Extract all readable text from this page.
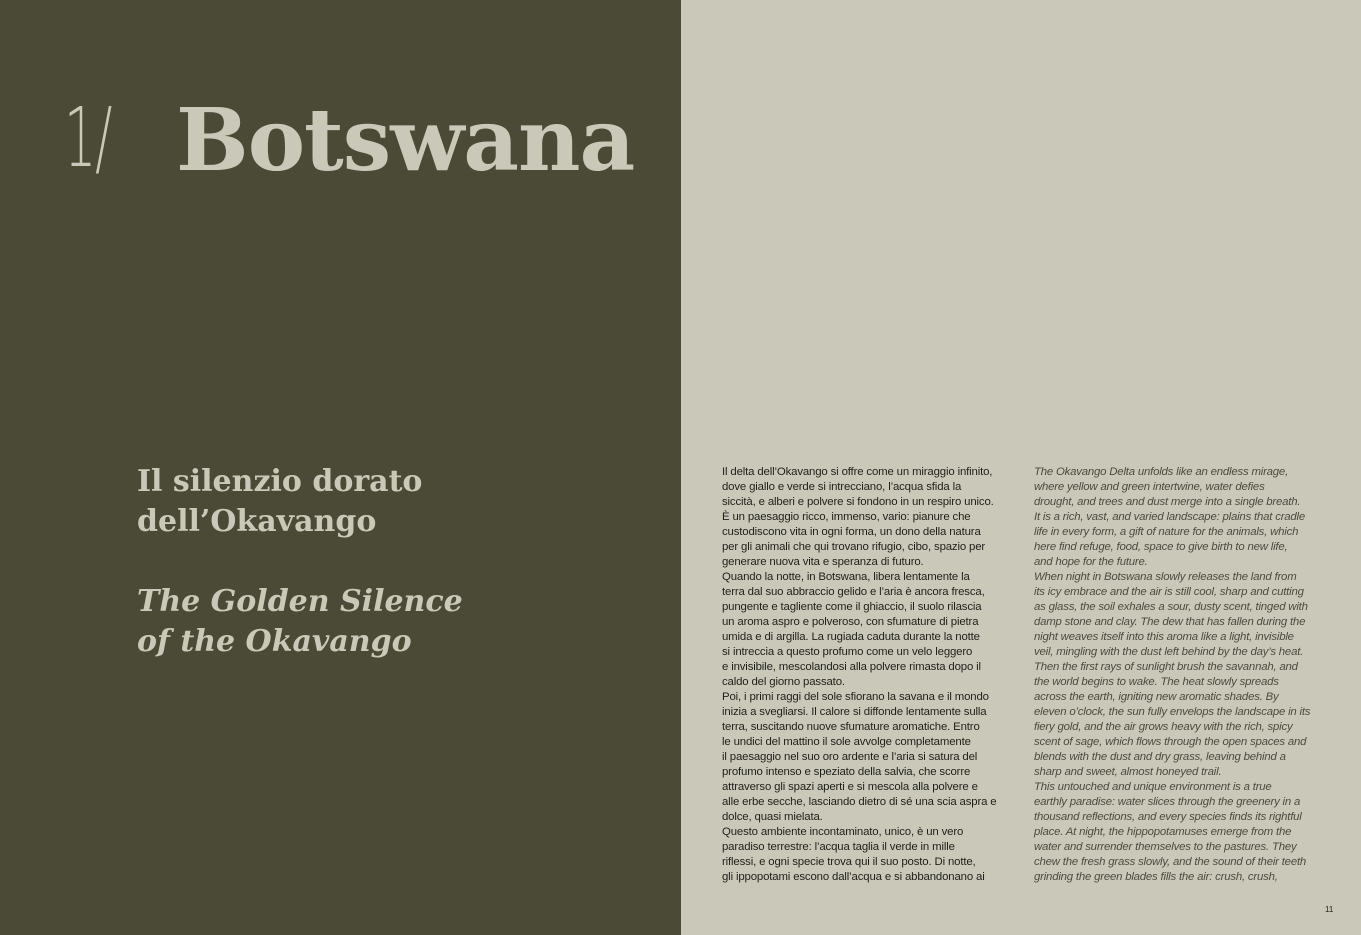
1/ Botswana
Il silenzio dorato
dell’Okavango
The Golden Silence
of the Okavango
Il delta dell’Okavango si offre come un miraggio infinito,
dove giallo e verde si intrecciano, l’acqua sfida la
siccità, e alberi e polvere si fondono in un respiro unico.
È un paesaggio ricco, immenso, vario: pianure che
custodiscono vita in ogni forma, un dono della natura
per gli animali che qui trovano rifugio, cibo, spazio per
generare nuova vita e speranza di futuro.
Quando la notte, in Botswana, libera lentamente la
terra dal suo abbraccio gelido e l’aria è ancora fresca,
pungente e tagliente come il ghiaccio, il suolo rilascia
un aroma aspro e polveroso, con sfumature di pietra
umida e di argilla. La rugiada caduta durante la notte
si intreccia a questo profumo come un velo leggero
e invisibile, mescolandosi alla polvere rimasta dopo il
caldo del giorno passato.
Poi, i primi raggi del sole sfiorano la savana e il mondo
inizia a svegliarsi. Il calore si diffonde lentamente sulla
terra, suscitando nuove sfumature aromatiche. Entro
le undici del mattino il sole avvolge completamente
il paesaggio nel suo oro ardente e l’aria si satura del
profumo intenso e speziato della salvia, che scorre
attraverso gli spazi aperti e si mescola alla polvere e
alle erbe secche, lasciando dietro di sé una scia aspra e
dolce, quasi mielata.
Questo ambiente incontaminato, unico, è un vero
paradiso terrestre: l’acqua taglia il verde in mille
riflessi, e ogni specie trova qui il suo posto. Di notte,
gli ippopotami escono dall’acqua e si abbandonano ai
The Okavango Delta unfolds like an endless mirage,
where yellow and green intertwine, water defies
drought, and trees and dust merge into a single breath.
It is a rich, vast, and varied landscape: plains that cradle
life in every form, a gift of nature for the animals, which
here find refuge, food, space to give birth to new life,
and hope for the future.
When night in Botswana slowly releases the land from
its icy embrace and the air is still cool, sharp and cutting
as glass, the soil exhales a sour, dusty scent, tinged with
damp stone and clay. The dew that has fallen during the
night weaves itself into this aroma like a light, invisible
veil, mingling with the dust left behind by the day’s heat.
Then the first rays of sunlight brush the savannah, and
the world begins to wake. The heat slowly spreads
across the earth, igniting new aromatic shades. By
eleven o’clock, the sun fully envelops the landscape in its
fiery gold, and the air grows heavy with the rich, spicy
scent of sage, which flows through the open spaces and
blends with the dust and dry grass, leaving behind a
sharp and sweet, almost honeyed trail.
This untouched and unique environment is a true
earthly paradise: water slices through the greenery in a
thousand reflections, and every species finds its rightful
place. At night, the hippopotamuses emerge from the
water and surrender themselves to the pastures. They
chew the fresh grass slowly, and the sound of their teeth
grinding the green blades fills the air: crush, crush,
11
